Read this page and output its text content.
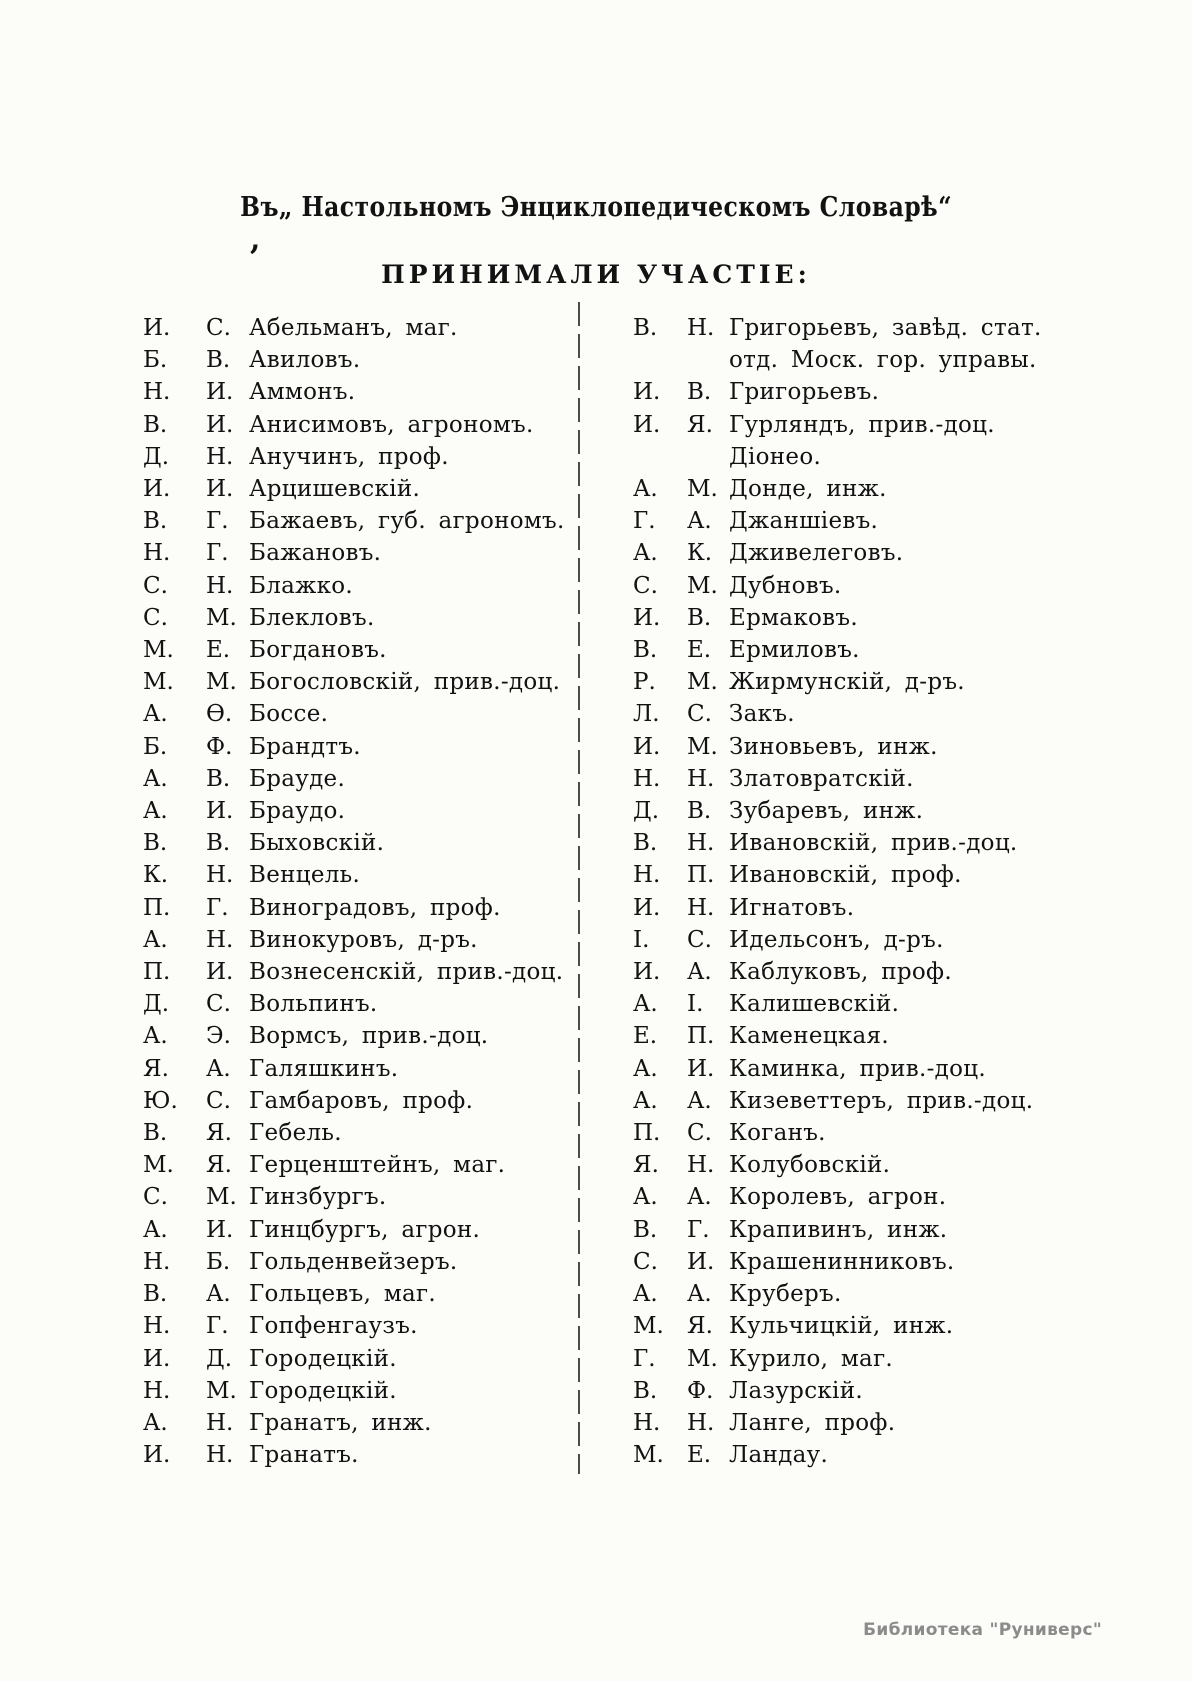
Въ„ Настольномъ Энциклопедическомъ Словарѣ“
,
ПРИНИМАЛИ УЧАСТІЕ:
И.	С. Абельманъ, маг.
Б.	В. Авиловъ.
Н.	И. Аммонъ.
В.	И. Анисимовъ, агрономъ.
Д.	Н. Анучинъ, проф.
И.	И. Арцишевскій.
В.	Г. Бажаевъ, губ. агрономъ.
Н.	Г. Бажановъ.
С.	Н. Блажко.
С.	М. Блекловъ.
М.	Е. Богдановъ.
М.	М. Богословскій, прив.-доц.
А.	Ѳ. Боссе.
Б.	Ф. Брандтъ.
А.	В. Брауде.
А.	И. Браудо.
В.	В. Быховскій.
К.	Н. Венцель.
П.	Г. Виноградовъ, проф.
А.	Н. Винокуровъ, д-ръ.
П.	И. Вознесенскій, прив.-доц.
Д.	С. Вольпинъ.
А.	Э. Вормсъ, прив.-доц.
Я.	А. Галяшкинъ.
Ю.	С. Гамбаровъ, проф.
В.	Я. Гебель.
М.	Я. Герценштейнъ, маг.
С.	М. Гинзбургъ.
А.	И. Гинцбургъ, агрон.
Н.	Б. Гольденвейзеръ.
В.	А. Гольцевъ, маг.
Н.	Г. Гопфенгаузъ.
И.	Д. Городецкій.
Н.	М. Городецкій.
А.	Н. Гранатъ, инж.
И.	Н. Гранатъ.
В.	Н. Григорьевъ, завѣд. стат.
отд. Моск. гор. управы.
И.	В. Григорьевъ.
И.	Я. Гурляндъ, прив.-доц.
Діонео.
А.	М. Донде, инж.
Г.	А. Джаншіевъ.
А.	К. Дживелеговъ.
С.	М. Дубновъ.
И.	В. Ермаковъ.
В.	Е. Ермиловъ.
Р.	М. Жирмунскій, д-ръ.
Л.	С. Закъ.
И.	М. Зиновьевъ, инж.
Н.	Н. Златовратскій.
Д.	В. Зубаревъ, инж.
В.	Н. Ивановскій, прив.-доц.
Н.	П. Ивановскій, проф.
И.	Н. Игнатовъ.
І.	С. Идельсонъ, д-ръ.
И.	А. Каблуковъ, проф.
А.	І.	Калишевскій.
Е.	П. Каменецкая.
А.	И. Каминка, прив.-доц.
А.	А. Кизеветтеръ, прив.-доц.
П.	С. Коганъ.
Я.	Н. Колубовскій.
А.	А. Королевъ, агрон.
В.	Г. Крапивинъ, инж.
С.	И. Крашенинниковъ.
А.	А. Круберъ.
М.	Я. Кульчицкій, инж.
Г.	М. Курило, маг.
В.	Ф. Лазурскій.
Н.	Н. Ланге, проф.
М.	Е. Ландау.
Библиотека "Руниверс"
